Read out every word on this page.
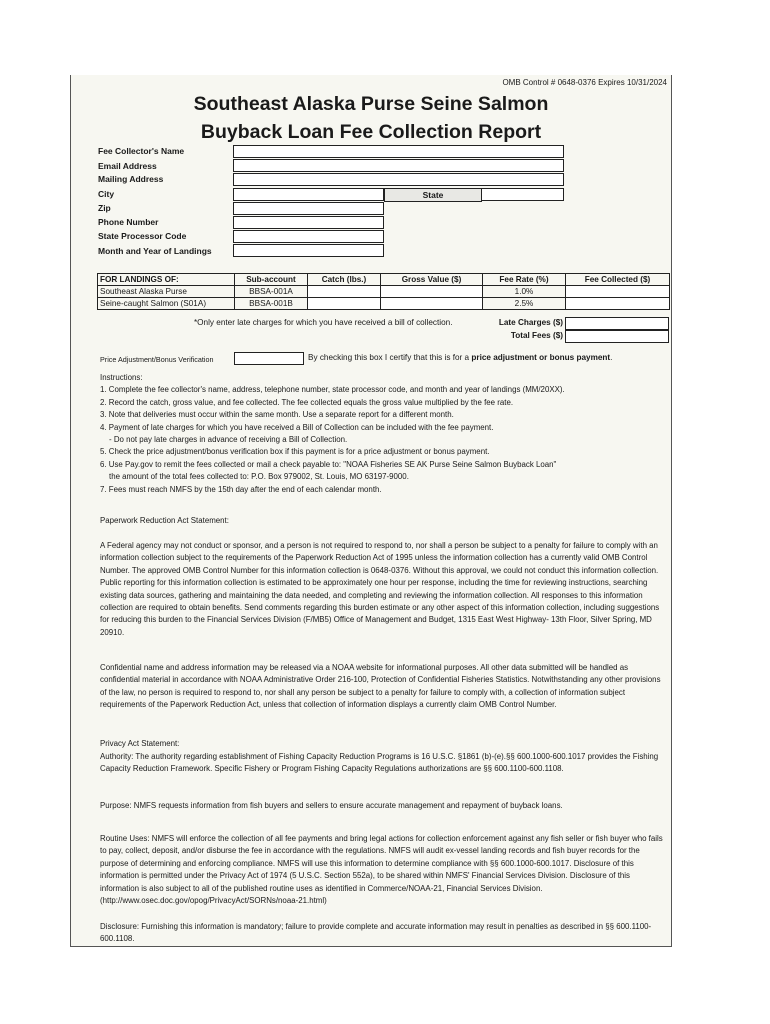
OMB Control # 0648-0376 Expires 10/31/2024
Southeast Alaska Purse Seine Salmon
Buyback Loan Fee Collection Report
Fee Collector's Name
Email Address
Mailing Address
City	State
Zip
Phone Number
State Processor Code
Month and Year of Landings
FOR LANDINGS OF:	Sub-account	Catch (lbs.)	Gross Value ($)	Fee Rate (%)	Fee Collected ($)
Southeast Alaska Purse	BBSA-001A			1.0%	
Seine-caught Salmon (S01A)	BBSA-001B			2.5%	
*Only enter late charges for which you have received a bill of collection.	Late Charges ($)
Total Fees ($)
Price Adjustment/Bonus Verification	By checking this box I certify that this is for a price adjustment or bonus payment.

Instructions:

1. Complete the fee collector's name, address, telephone number, state processor code, and month and year of landings (MM/20XX).

2. Record the catch, gross value, and fee collected. The fee collected equals the gross value multiplied by the fee rate.

3. Note that deliveries must occur within the same month. Use a separate report for a different month.

4. Payment of late charges for which you have received a Bill of Collection can be included with the fee payment.

- Do not pay late charges in advance of receiving a Bill of Collection.

5. Check the price adjustment/bonus verification box if this payment is for a price adjustment or bonus payment.

6. Use Pay.gov to remit the fees collected or mail a check payable to: "NOAA Fisheries SE AK Purse Seine Salmon Buyback Loan"

the amount of the total fees collected to: P.O. Box 979002, St. Louis, MO 63197-9000.

7. Fees must reach NMFS by the 15th day after the end of each calendar month.

Paperwork Reduction Act Statement:
A Federal agency may not conduct or sponsor, and a person is not required to respond to, nor shall a person be subject to a penalty for failure to comply with an information collection subject to the requirements of the Paperwork Reduction Act of 1995 unless the information collection has a currently valid OMB Control Number. The approved OMB Control Number for this information collection is 0648-0376. Without this approval, we could not conduct this information collection. Public reporting for this information collection is estimated to be approximately one hour per response, including the time for reviewing instructions, searching existing data sources, gathering and maintaining the data needed, and completing and reviewing the information collection. All responses to this information collection are required to obtain benefits. Send comments regarding this burden estimate or any other aspect of this information collection, including suggestions for reducing this burden to the Financial Services Division (F/MB5) Office of Management and Budget, 1315 East West Highway- 13th Floor, Silver Spring, MD 20910.
Confidential name and address information may be released via a NOAA website for informational purposes. All other data submitted will be handled as confidential material in accordance with NOAA Administrative Order 216-100, Protection of Confidential Fisheries Statistics. Notwithstanding any other provisions of the law, no person is required to respond to, nor shall any person be subject to a penalty for failure to comply with, a collection of information subject requirements of the Paperwork Reduction Act, unless that collection of information displays a currently claim OMB Control Number.
Privacy Act Statement:
Authority: The authority regarding establishment of Fishing Capacity Reduction Programs is 16 U.S.C. §1861 (b)-(e).§§ 600.1000-600.1017 provides the Fishing Capacity Reduction Framework. Specific Fishery or Program Fishing Capacity Regulations authorizations are §§ 600.1100-600.1108.
Purpose: NMFS requests information from fish buyers and sellers to ensure accurate management and repayment of buyback loans.
Routine Uses: NMFS will enforce the collection of all fee payments and bring legal actions for collection enforcement against any fish seller or fish buyer who fails to pay, collect, deposit, and/or disburse the fee in accordance with the regulations. NMFS will audit ex-vessel landing records and fish buyer records for the purpose of determining and enforcing compliance. NMFS will use this information to determine compliance with §§ 600.1000-600.1017. Disclosure of this information is permitted under the Privacy Act of 1974 (5 U.S.C. Section 552a), to be shared within NMFS' Financial Services Division. Disclosure of this information is also subject to all of the published routine uses as identified in Commerce/NOAA-21, Financial Services Division. (http://www.osec.doc.gov/opog/PrivacyAct/SORNs/noaa-21.html)
Disclosure: Furnishing this information is mandatory; failure to provide complete and accurate information may result in penalties as described in §§ 600.1100-600.1108.
